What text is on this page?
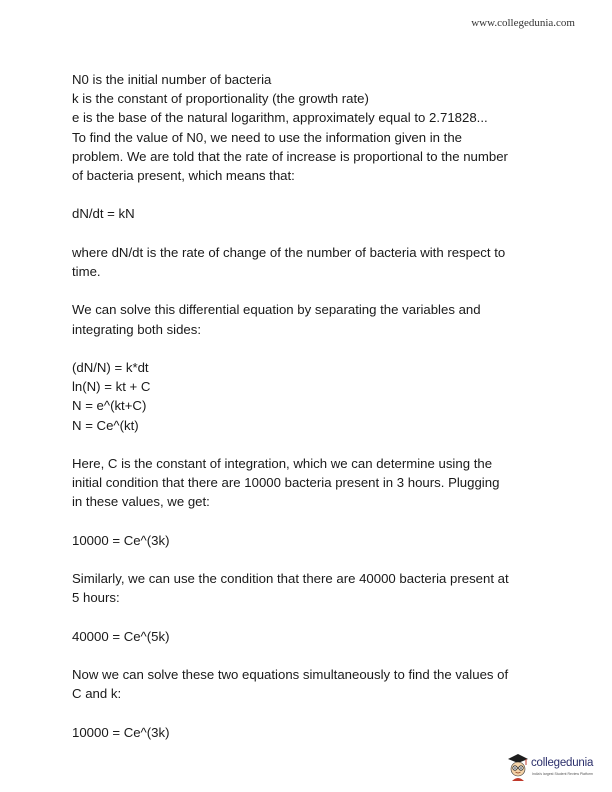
www.collegedunia.com
N0 is the initial number of bacteria
k is the constant of proportionality (the growth rate)
e is the base of the natural logarithm, approximately equal to 2.71828...
To find the value of N0, we need to use the information given in the
problem. We are told that the rate of increase is proportional to the number
of bacteria present, which means that:
dN/dt = kN
where dN/dt is the rate of change of the number of bacteria with respect to
time.
We can solve this differential equation by separating the variables and
integrating both sides:
(dN/N) = k*dt
ln(N) = kt + C
N = e^(kt+C)
N = Ce^(kt)
Here, C is the constant of integration, which we can determine using the
initial condition that there are 10000 bacteria present in 3 hours. Plugging
in these values, we get:
10000 = Ce^(3k)
Similarly, we can use the condition that there are 40000 bacteria present at
5 hours:
40000 = Ce^(5k)
Now we can solve these two equations simultaneously to find the values of
C and k:
10000 = Ce^(3k)
collegedunia
India's largest Student Review Platform
